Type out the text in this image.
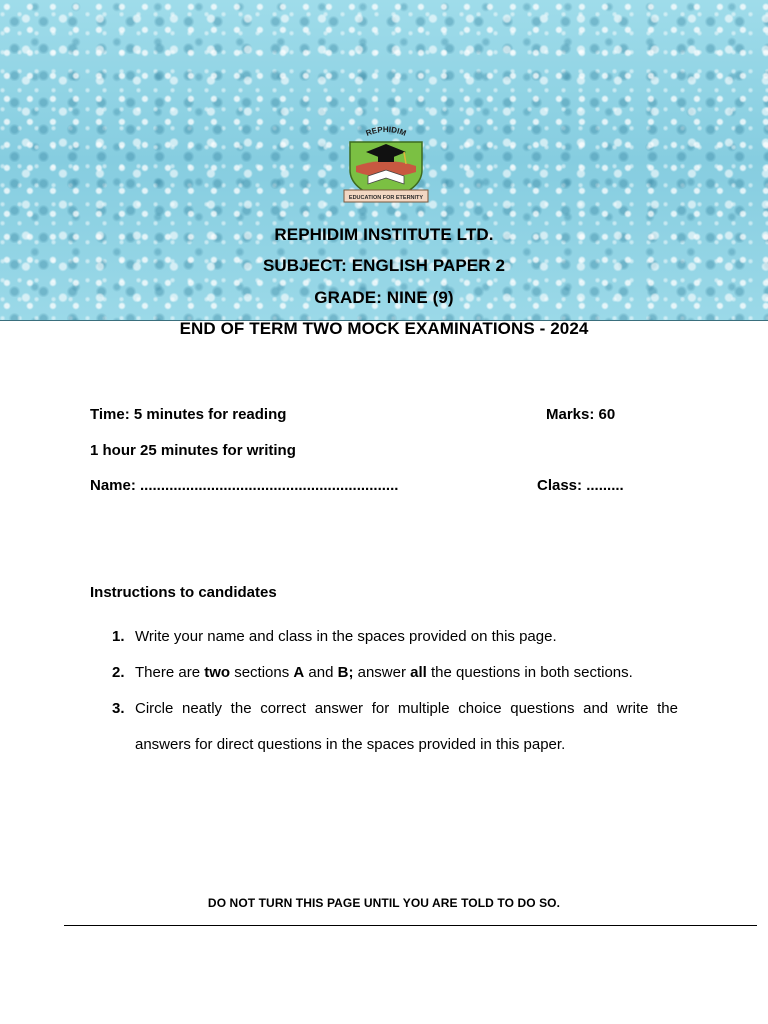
REPHIDIM
EDUCATION FOR ETERNITY
REPHIDIM INSTITUTE LTD.
SUBJECT: ENGLISH PAPER 2
GRADE: NINE (9)
END OF TERM TWO MOCK EXAMINATIONS - 2024
Time: 5 minutes for reading	Marks: 60
1 hour 25 minutes for writing
Name: ..............................................................	Class: .........
Instructions to candidates
1. Write your name and class in the spaces provided on this page.
2. There are two sections A and B; answer all the questions in both sections.
3. Circle neatly the correct answer for multiple choice questions and write the answers for direct questions in the spaces provided in this paper.
DO NOT TURN THIS PAGE UNTIL YOU ARE TOLD TO DO SO.
